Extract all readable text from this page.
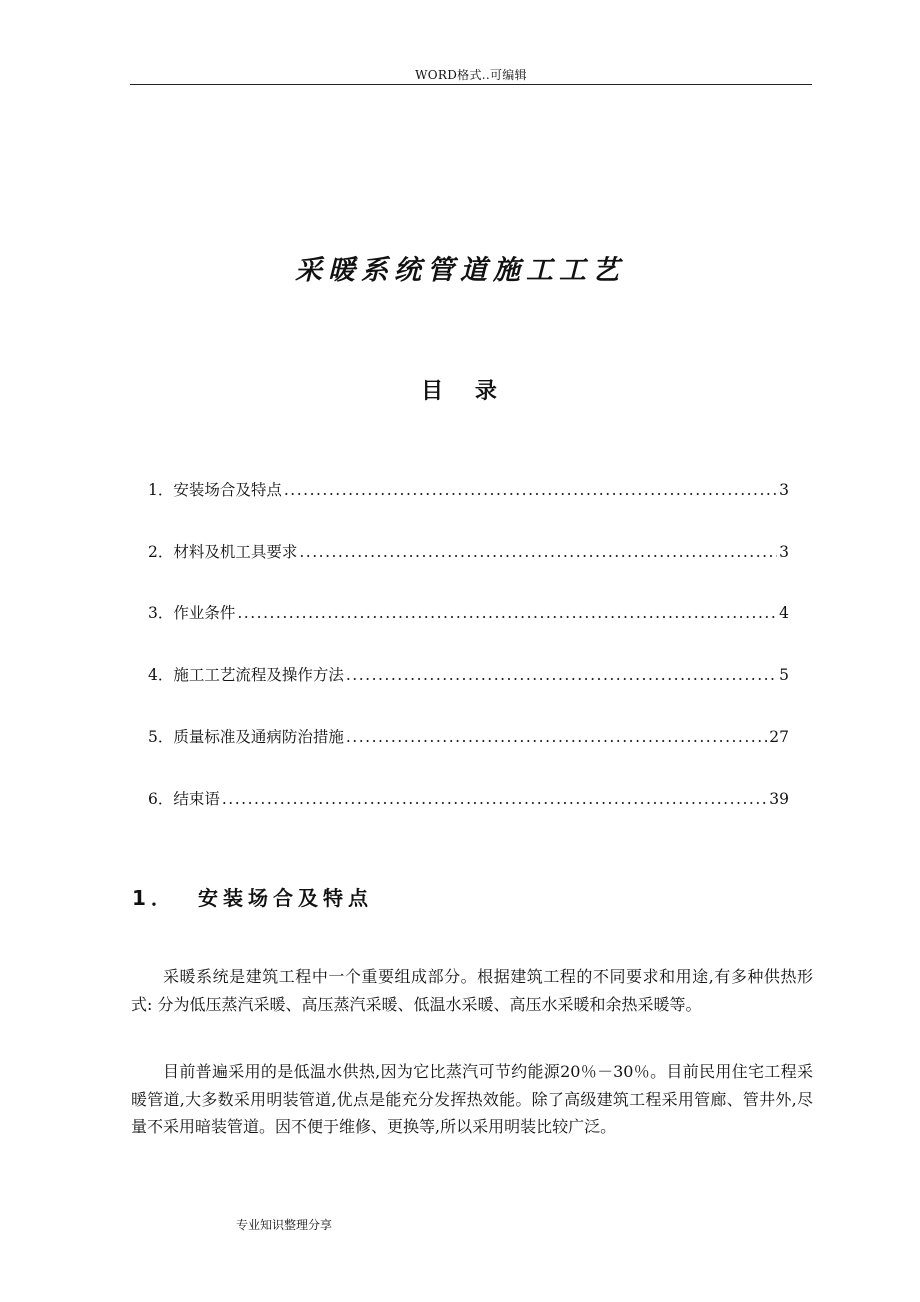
WORD格式..可编辑
采暖系统管道施工工艺
目 录
1．安装场合及特点 .....	3
2．材料及机工具要求 .....	3
3．作业条件 .....	4
4．施工工艺流程及操作方法 .....	5
5．质量标准及通病防治措施 .....	27
6．结束语 .....	39
1．	安装场合及特点

采暖系统是建筑工程中一个重要组成部分。根据建筑工程的不同要求和用途,有多种供热形式: 分为低压蒸汽采暖、高压蒸汽采暖、低温水采暖、高压水采暖和余热采暖等。

目前普遍采用的是低温水供热,因为它比蒸汽可节约能源20％－30％。目前民用住宅工程采暖管道,大多数采用明装管道,优点是能充分发挥热效能。除了高级建筑工程采用管廊、管井外,尽量不采用暗装管道。因不便于维修、更换等,所以采用明装比较广泛。

专业知识整理分享
